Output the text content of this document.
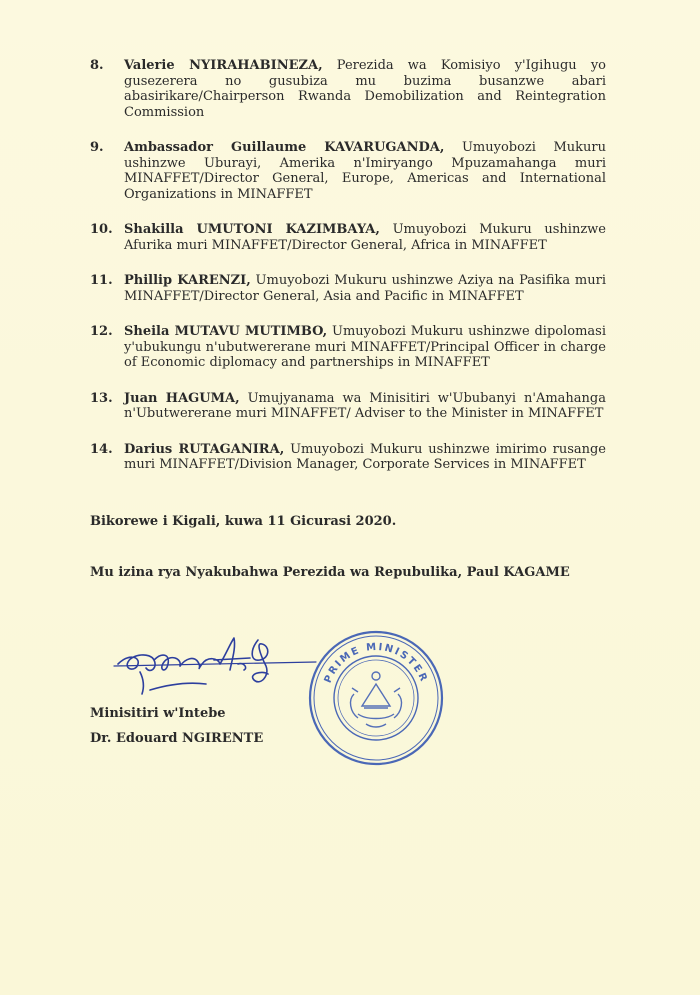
8.	Valerie NYIRAHABINEZA, Perezida wa Komisiyo y'Igihugu yo gusezerera no gusubiza mu buzima busanzwe abari abasirikare/Chairperson Rwanda Demobilization and Reintegration Commission
9.	Ambassador Guillaume KAVARUGANDA, Umuyobozi Mukuru ushinzwe Uburayi, Amerika n'Imiryango Mpuzamahanga muri MINAFFET/Director General, Europe, Americas and International Organizations in MINAFFET
10. Shakilla UMUTONI KAZIMBAYA, Umuyobozi Mukuru ushinzwe Afurika muri MINAFFET/Director General, Africa in MINAFFET
11. Phillip KARENZI, Umuyobozi Mukuru ushinzwe Aziya na Pasifika muri MINAFFET/Director General, Asia and Pacific in MINAFFET
12. Sheila MUTAVU MUTIMBO, Umuyobozi Mukuru ushinzwe dipolomasi y'ubukungu n'ubutwererane muri MINAFFET/Principal Officer in charge of Economic diplomacy and partnerships in MINAFFET
13. Juan HAGUMA, Umujyanama wa Minisitiri w'Ububanyi n'Amahanga n'Ubutwererane muri MINAFFET/ Adviser to the Minister in MINAFFET
14. Darius RUTAGANIRA, Umuyobozi Mukuru ushinzwe imirimo rusange muri MINAFFET/Division Manager, Corporate Services in MINAFFET
Bikorewe i Kigali, kuwa 11 Gicurasi 2020.
Mu izina rya Nyakubahwa Perezida wa Repubulika, Paul KAGAME
PRIME MINISTER
Minisitiri w'Intebe
Dr. Edouard NGIRENTE
